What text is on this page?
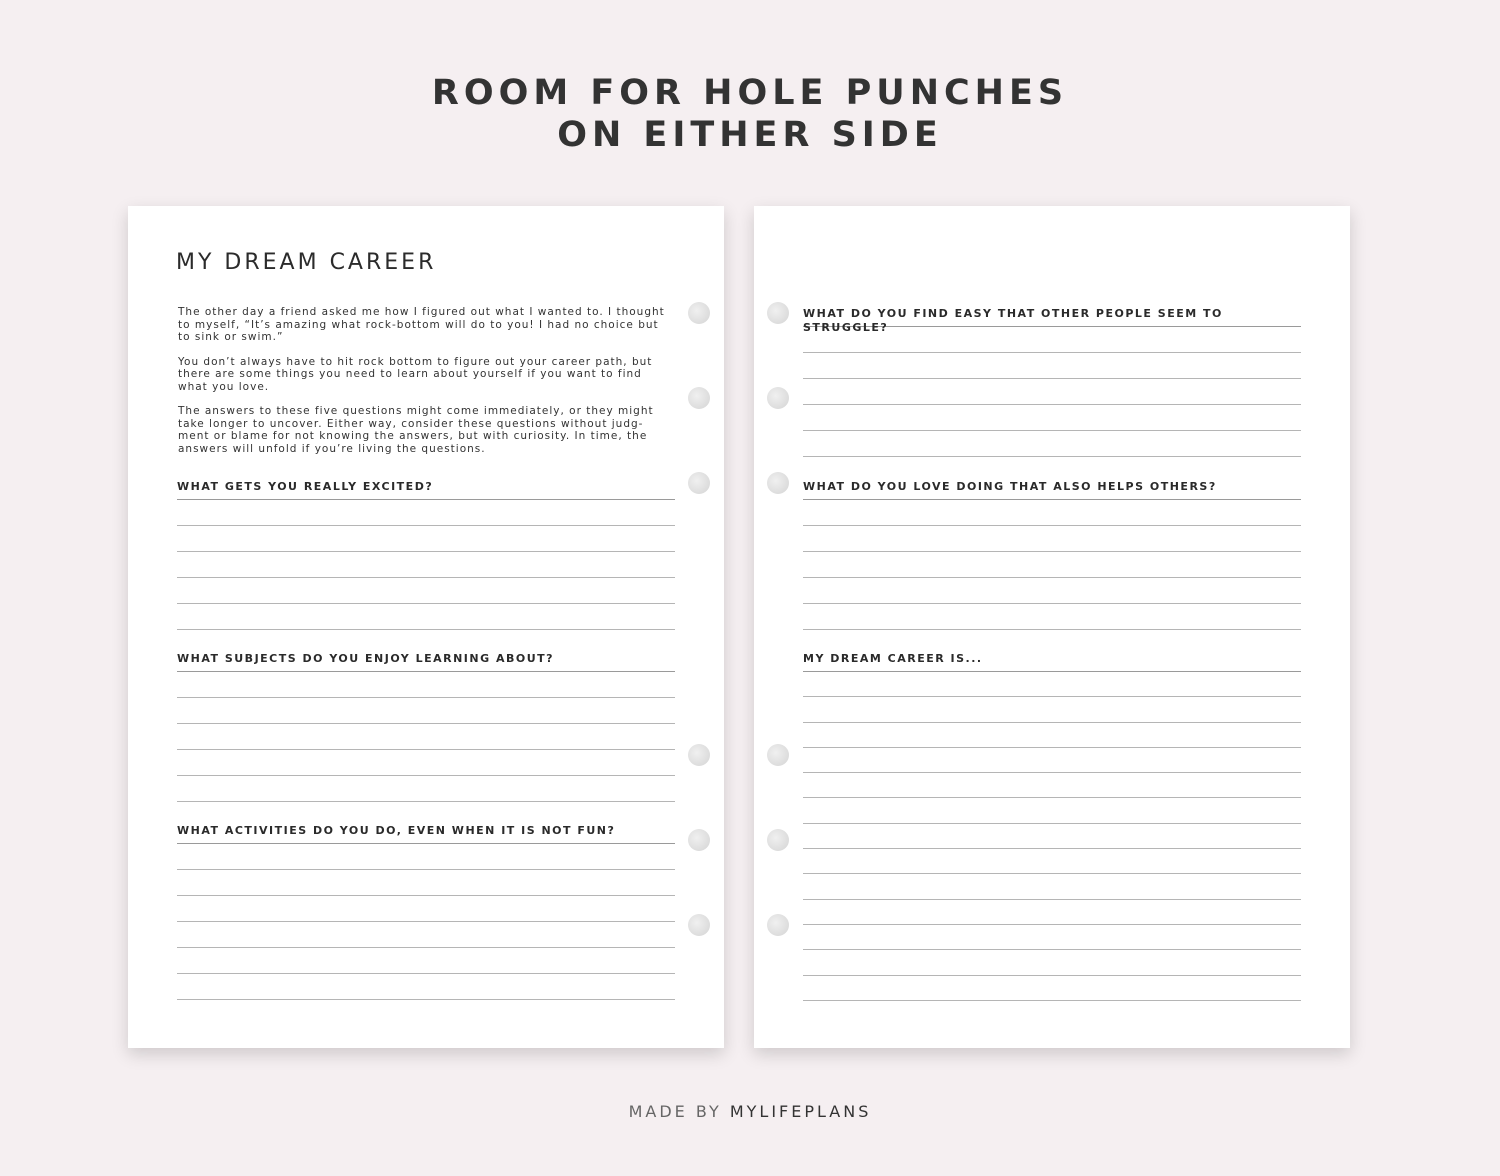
ROOM FOR HOLE PUNCHES
ON EITHER SIDE
MY DREAM CAREER

The other day a friend asked me how I figured out what I wanted to. I thought to myself, “It’s amazing what rock-bottom will do to you! I had no choice but to sink or swim.”

You don’t always have to hit rock bottom to figure out your career path, but there are some things you need to learn about yourself if you want to find what you love.

The answers to these five questions might come immediately, or they might take longer to uncover. Either way, consider these questions without judg-ment or blame for not knowing the answers, but with curiosity. In time, the answers will unfold if you’re living the questions.

WHAT GETS YOU REALLY EXCITED?
WHAT SUBJECTS DO YOU ENJOY LEARNING ABOUT?
WHAT ACTIVITIES DO YOU DO, EVEN WHEN IT IS NOT FUN?
WHAT DO YOU FIND EASY THAT OTHER PEOPLE SEEM TO STRUGGLE?
WHAT DO YOU LOVE DOING THAT ALSO HELPS OTHERS?
MY DREAM CAREER IS...
MADE BY MYLIFEPLANS
